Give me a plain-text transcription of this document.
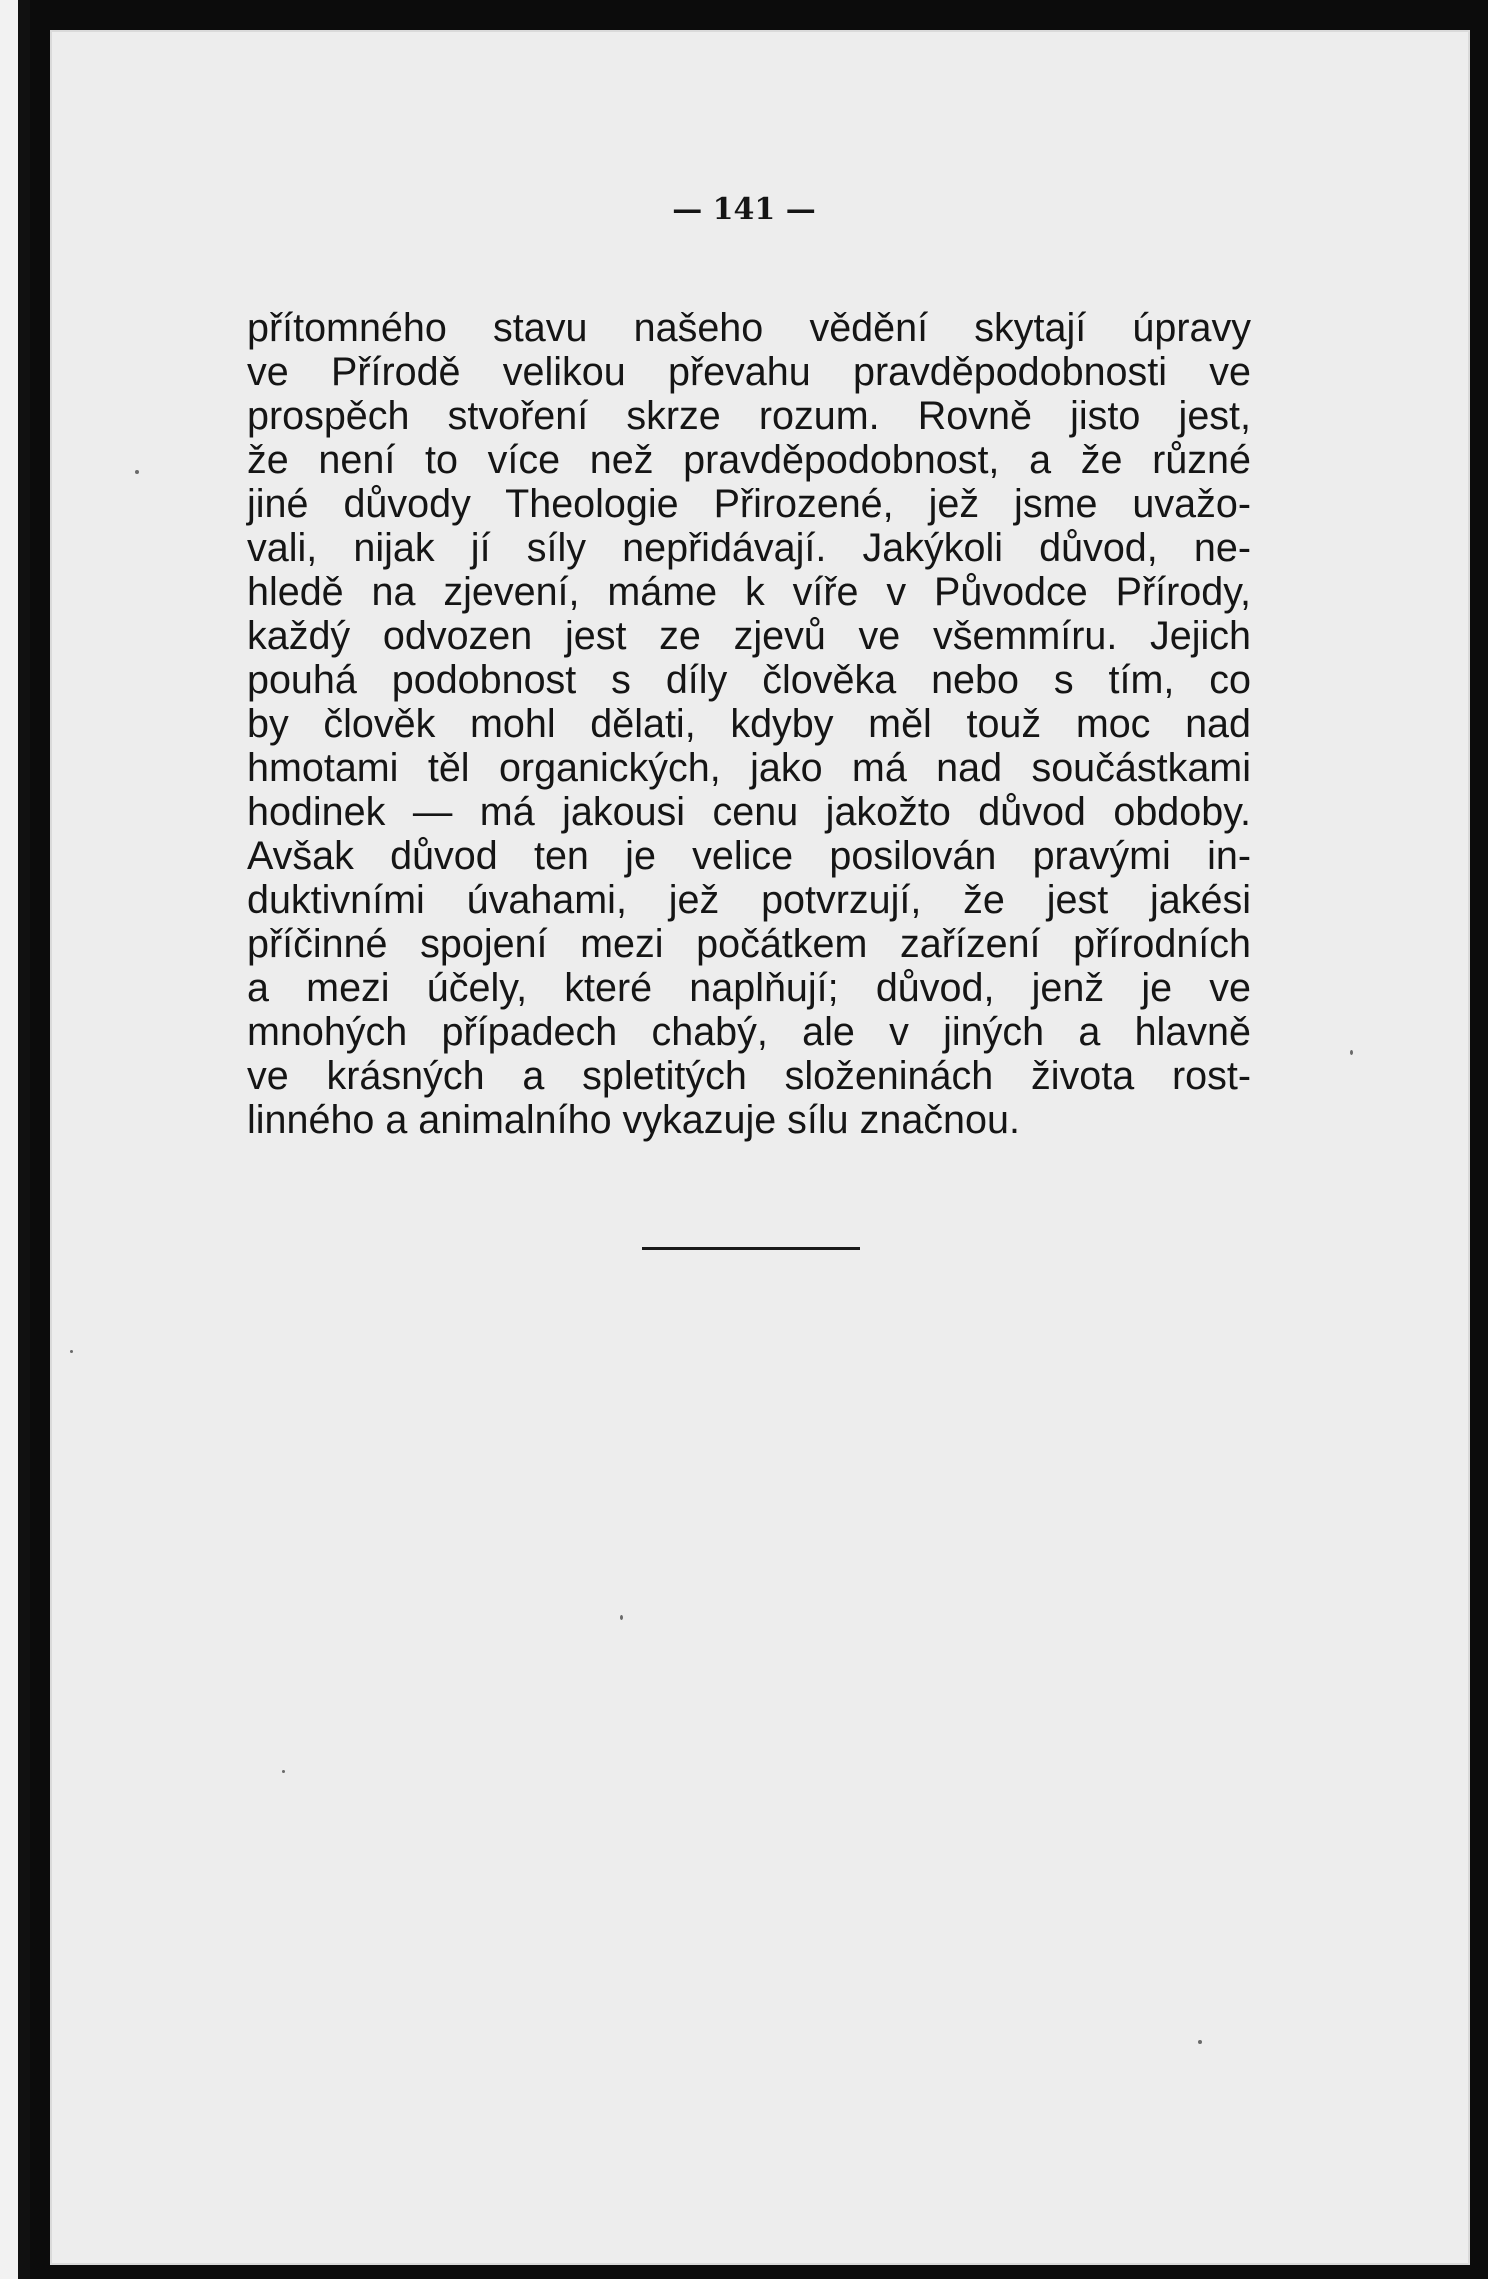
— 141 —

přítomného stavu našeho vědění skytají úpravy
ve Přírodě velikou převahu pravděpodobnosti ve
prospěch stvoření skrze rozum. Rovně jisto jest,
že není to více než pravděpodobnost, a že různé
jiné důvody Theologie Přirozené, jež jsme uvažo-
vali, nijak jí síly nepřidávají. Jakýkoli důvod, ne-
hledě na zjevení, máme k víře v Původce Přírody,
každý odvozen jest ze zjevů ve všemmíru. Jejich
pouhá podobnost s díly člověka nebo s tím, co
by člověk mohl dělati, kdyby měl touž moc nad
hmotami těl organických, jako má nad součástkami
hodinek — má jakousi cenu jakožto důvod obdoby.
Avšak důvod ten je velice posilován pravými in-
duktivními úvahami, jež potvrzují, že jest jakési
příčinné spojení mezi počátkem zařízení přírodních
a mezi účely, které naplňují; důvod, jenž je ve
mnohých případech chabý, ale v jiných a hlavně
ve krásných a spletitých složeninách života rost-
linného a animalního vykazuje sílu značnou.
